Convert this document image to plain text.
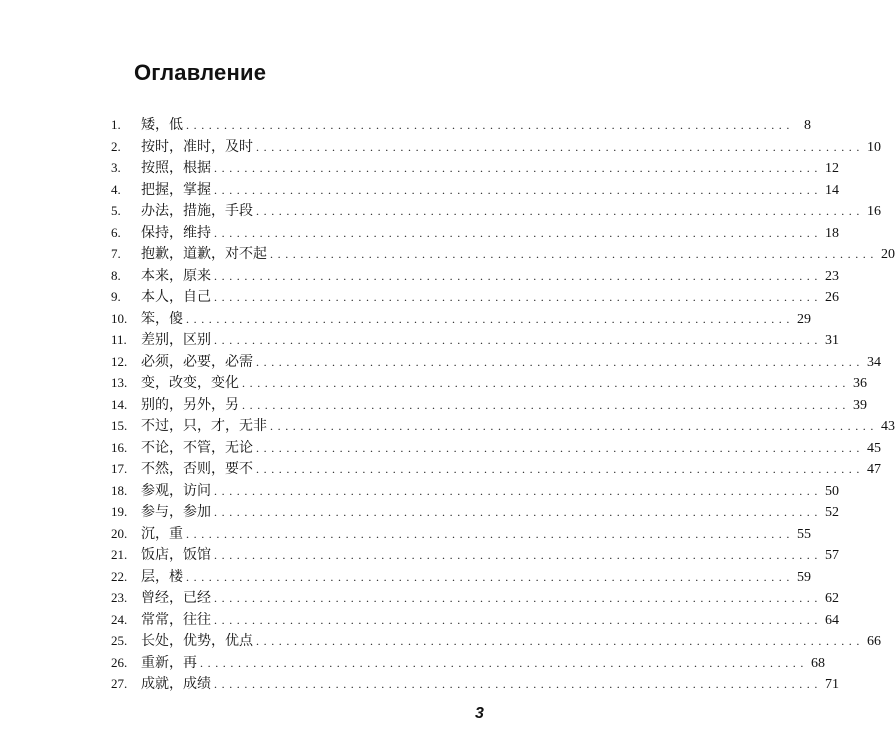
Оглавление
1.	矮，低 ................................................................................ 8
2.	按时，准时，及时 ................................................................................ 10
3.	按照，根据 ................................................................................ 12
4.	把握，掌握 ................................................................................ 14
5.	办法，措施，手段 ................................................................................ 16
6.	保持，维持 ................................................................................ 18
7.	抱歉，道歉，对不起 ................................................................................ 20
8.	本来，原来 ................................................................................ 23
9.	本人，自己 ................................................................................ 26
10. 笨，傻 ................................................................................ 29
11.	差别，区别 ................................................................................ 31
12. 必须，必要，必需 ................................................................................ 34
13. 变，改变，变化 ................................................................................ 36
14. 别的，另外，另 ................................................................................ 39
15. 不过，只，才，无非 ................................................................................ 43
16. 不论，不管，无论 ................................................................................ 45
17. 不然，否则，要不 ................................................................................ 47
18. 参观，访问 ................................................................................ 50
19. 参与，参加 ................................................................................ 52
20. 沉，重 ................................................................................ 55
21. 饭店，饭馆 ................................................................................ 57
22. 层，楼 ................................................................................ 59
23. 曾经，已经 ................................................................................ 62
24. 常常，往往 ................................................................................ 64
25. 长处，优势，优点 ................................................................................ 66
26. 重新，再 ................................................................................ 68
27. 成就，成绩 ................................................................................ 71
3
